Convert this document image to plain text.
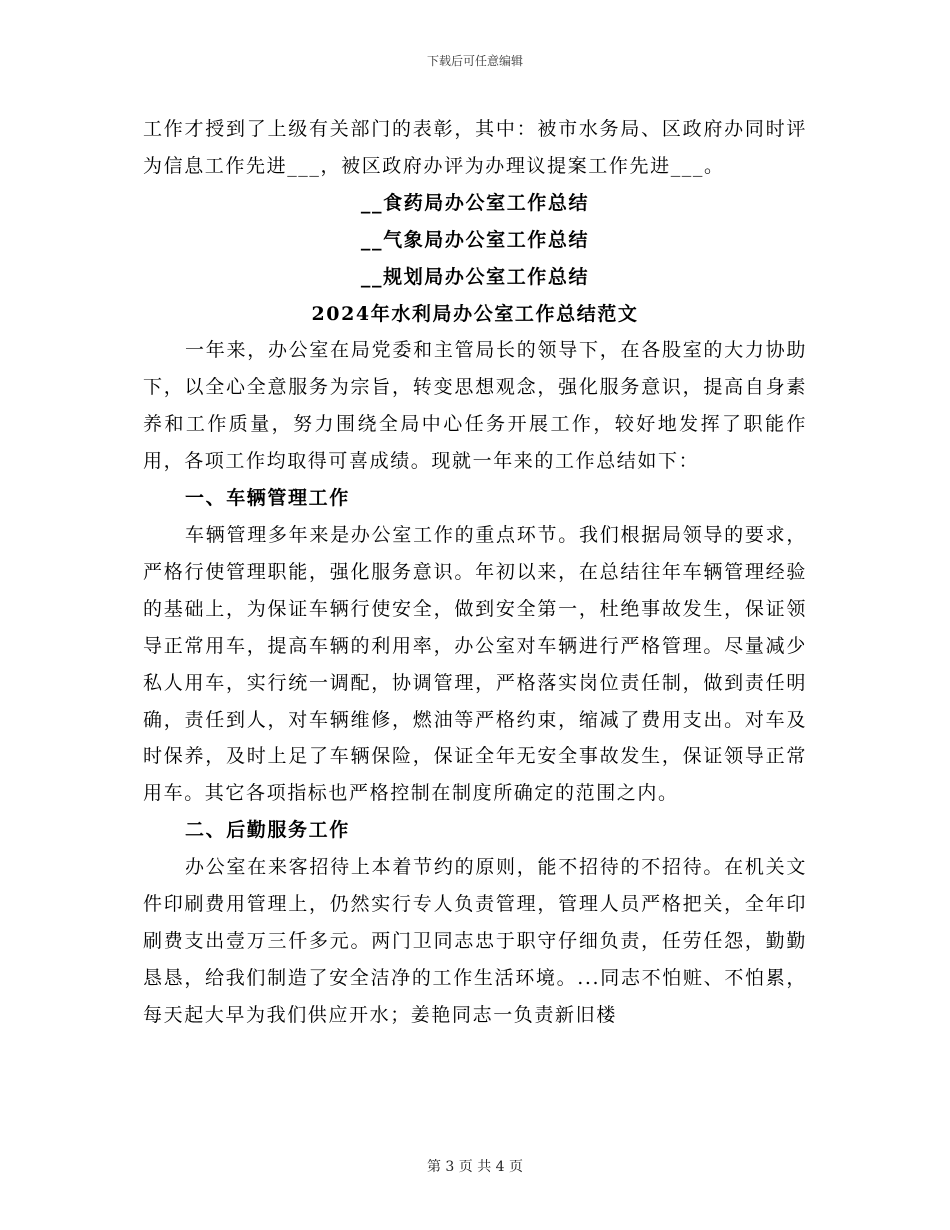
下载后可任意编辑

工作才授到了上级有关部门的表彰，其中：被市水务局、区政府办同时评为信息工作先进___，被区政府办评为办理议提案工作先进___。

__食药局办公室工作总结

__气象局办公室工作总结

__规划局办公室工作总结

2024年水利局办公室工作总结范文

一年来，办公室在局党委和主管局长的领导下，在各股室的大力协助下，以全心全意服务为宗旨，转变思想观念，强化服务意识，提高自身素养和工作质量，努力围绕全局中心任务开展工作，较好地发挥了职能作用，各项工作均取得可喜成绩。现就一年来的工作总结如下：

一、车辆管理工作

车辆管理多年来是办公室工作的重点环节。我们根据局领导的要求，严格行使管理职能，强化服务意识。年初以来，在总结往年车辆管理经验的基础上，为保证车辆行使安全，做到安全第一，杜绝事故发生，保证领导正常用车，提高车辆的利用率，办公室对车辆进行严格管理。尽量减少私人用车，实行统一调配，协调管理，严格落实岗位责任制，做到责任明确，责任到人，对车辆维修，燃油等严格约束，缩减了费用支出。对车及时保养，及时上足了车辆保险，保证全年无安全事故发生，保证领导正常用车。其它各项指标也严格控制在制度所确定的范围之内。

二、后勤服务工作

办公室在来客招待上本着节约的原则，能不招待的不招待。在机关文件印刷费用管理上，仍然实行专人负责管理，管理人员严格把关，全年印刷费支出壹万三仟多元。两门卫同志忠于职守仔细负责，任劳任怨，勤勤恳恳，给我们制造了安全洁净的工作生活环境。...同志不怕赃、不怕累，每天起大早为我们供应开水；姜艳同志一负责新旧楼

第 3 页 共 4 页
